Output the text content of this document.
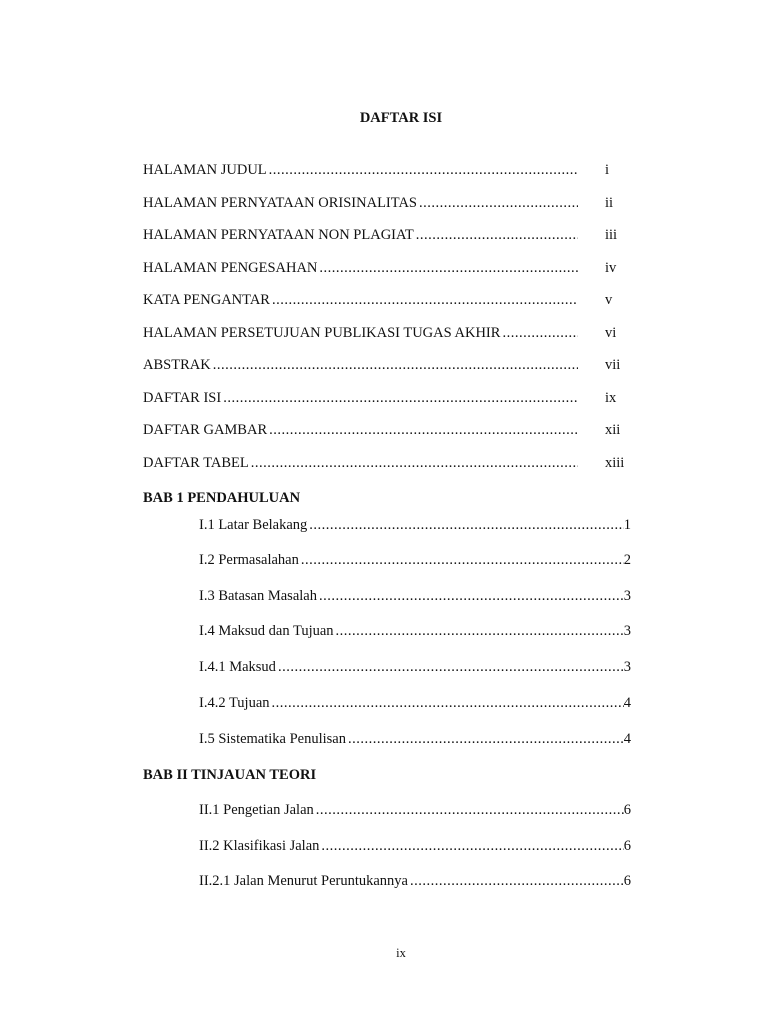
DAFTAR ISI
HALAMAN JUDUL .....	i
HALAMAN PERNYATAAN ORISINALITAS .....	ii
HALAMAN PERNYATAAN NON PLAGIAT .....	iii
HALAMAN PENGESAHAN .....	iv
KATA PENGANTAR .....	v
HALAMAN PERSETUJUAN PUBLIKASI TUGAS AKHIR .....	vi
ABSTRAK .....	vii
DAFTAR ISI .....	ix
DAFTAR GAMBAR .....	xii
DAFTAR TABEL .....	xiii
BAB 1 PENDAHULUAN
I.1 Latar Belakang .....	1
I.2 Permasalahan .....	2
I.3 Batasan Masalah .....	3
I.4 Maksud dan Tujuan .....	3
I.4.1 Maksud .....	3
I.4.2 Tujuan .....	4
I.5 Sistematika Penulisan .....	4
BAB II TINJAUAN TEORI
II.1 Pengetian Jalan .....	6
II.2 Klasifikasi Jalan .....	6
II.2.1 Jalan Menurut Peruntukannya .....	6
ix
